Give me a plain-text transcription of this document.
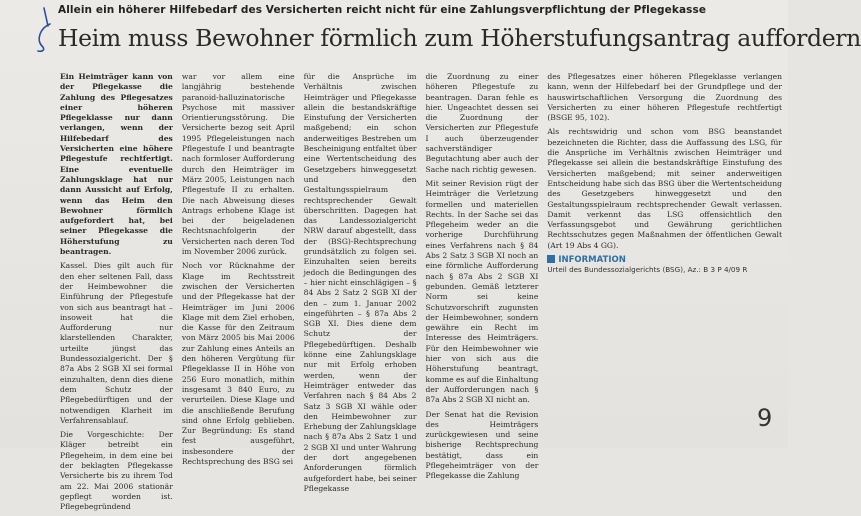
Allein ein höherer Hilfebedarf des Versicherten reicht nicht für eine Zahlungsverpflichtung der Pflegekasse
Heim muss Bewohner förmlich zum Höherstufungsantrag auffordern

Ein Heimträger kann von der Pflegekasse die Zahlung des Pflegesatzes einer höheren Pflegeklasse nur dann verlangen, wenn der Hilfebedarf des Versicherten eine höhere Pflegestufe rechtfertigt. Eine eventuelle Zahlungsklage hat nur dann Aussicht auf Erfolg, wenn das Heim den Bewohner förmlich aufgefordert hat, bei seiner Pflegekasse die Höherstufung zu beantragen.

Kassel. Dies gilt auch für den eher seltenen Fall, dass der Heimbewohner die Einführung der Pflegestufe von sich aus beantragt hat – insoweit hat die Aufforderung nur klarstellenden Charakter, urteilte jüngst das Bundessozialgericht. Der § 87a Abs 2 SGB XI sei formal einzuhalten, denn dies diene dem Schutz der Pflegebedürftigen und der notwendigen Klarheit im Verfahrensablauf.

Die Vorgeschichte: Der Kläger betreibt ein Pflegeheim, in dem eine bei der beklagten Pflegekasse Versicherte bis zu ihrem Tod am 22. Mai 2006 stationär gepflegt worden ist. Pflegebegründend

war vor allem eine langjährig bestehende paranoid-halluzinatorische Psychose mit massiver Orientierungsstörung. Die Versicherte bezog seit April 1995 Pflegeleistungen nach Pflegestufe I und beantragte nach formloser Aufforderung durch den Heimträger im März 2005, Leistungen nach Pflegestufe II zu erhalten. Die nach Abweisung dieses Antrags erhobene Klage ist bei der beigeladenen Rechtsnachfolgerin der Versicherten nach deren Tod im November 2006 zurück.

Noch vor Rücknahme der Klage im Rechtsstreit zwischen der Versicherten und der Pflegekasse hat der Heimträger im Juni 2006 Klage mit dem Ziel erhoben, die Kasse für den Zeitraum von März 2005 bis Mai 2006 zur Zahlung eines Anteils an den höheren Vergütung für Pflegeklasse II in Höhe von 256 Euro monatlich, mithin insgesamt 3 840 Euro, zu verurteilen. Diese Klage und die anschließende Berufung sind ohne Erfolg geblieben. Zur Begründung: Es stand fest ausgeführt, insbesondere der Rechtsprechung des BSG sei

für die Ansprüche im Verhältnis zwischen Heimträger und Pflegekasse allein die bestandskräftige Einstufung der Versicherten maßgebend; ein schon anderweitiges Bestreben um Bescheinigung entfaltet über eine Wertentscheidung des Gesetzgebers hinweggesetzt und den Gestaltungsspielraum rechtsprechender Gewalt überschritten. Dagegen hat das Landessozialgericht NRW darauf abgestellt, dass der (BSG)-Rechtsprechung grundsätzlich zu folgen sei. Einzuhalten seien bereits jedoch die Bedingungen des – hier nicht einschlägigen – § 84 Abs 2 Satz 2 SGB XI der den – zum 1. Januar 2002 eingeführten – § 87a Abs 2 SGB XI. Dies diene dem Schutz der Pflegebedürftigen. Deshalb könne eine Zahlungsklage nur mit Erfolg erhoben werden, wenn der Heimträger entweder das Verfahren nach § 84 Abs 2 Satz 3 SGB XI wähle oder den Heimbewohner zur Erhebung der Zahlungsklage nach § 87a Abs 2 Satz 1 und 2 SGB XI und unter Wahrung der dort angegebenen Anforderungen förmlich aufgefordert habe, bei seiner Pflegekasse

die Zuordnung zu einer höheren Pflegestufe zu beantragen. Daran fehle es hier. Ungeachtet dessen sei die Zuordnung der Versicherten zur Pflegestufe I auch überzeugender sachverständiger Begutachtung aber auch der Sache nach richtig gewesen.

Mit seiner Revision rügt der Heimträger die Verletzung formellen und materiellen Rechts. In der Sache sei das Pflegeheim weder an die vorherige Durchführung eines Verfahrens nach § 84 Abs 2 Satz 3 SGB XI noch an eine förmliche Aufforderung nach § 87a Abs 2 SGB XI gebunden. Gemäß letzterer Norm sei keine Schutzvorschrift zugunsten der Heimbewohner, sondern gewähre ein Recht im Interesse des Heimträgers. Für den Heimbewohner wie hier von sich aus die Höherstufung beantragt, komme es auf die Einhaltung der Aufforderungen nach § 87a Abs 2 SGB XI nicht an.

Der Senat hat die Revision des Heimträgers zurückgewiesen und seine bisherige Rechtsprechung bestätigt, dass ein Pflegeheimträger von der Pflegekasse die Zahlung

des Pflegesatzes einer höheren Pflegeklasse verlangen kann, wenn der Hilfebedarf bei der Grundpflege und der hauswirtschaftlichen Versorgung die Zuordnung des Versicherten zu einer höheren Pflegestufe rechtfertigt (BSGE 95, 102).

Als rechtswidrig und schon vom BSG beanstandet bezeichneten die Richter, dass die Auffassung des LSG, für die Ansprüche im Verhältnis zwischen Heimträger und Pflegekasse sei allein die bestandskräftige Einstufung des Versicherten maßgebend; mit seiner anderweitigen Entscheidung habe sich das BSG über die Wertentscheidung des Gesetzgebers hinweggesetzt und den Gestaltungsspielraum rechtsprechender Gewalt verlassen. Damit verkennt das LSG offensichtlich den Verfassungsgebot und Gewährung gerichtlichen Rechtsschutzes gegen Maßnahmen der öffentlichen Gewalt (Art 19 Abs 4 GG).

INFORMATION
Urteil des Bundessozialgerichts (BSG), Az.: B 3 P 4/09 R
9
